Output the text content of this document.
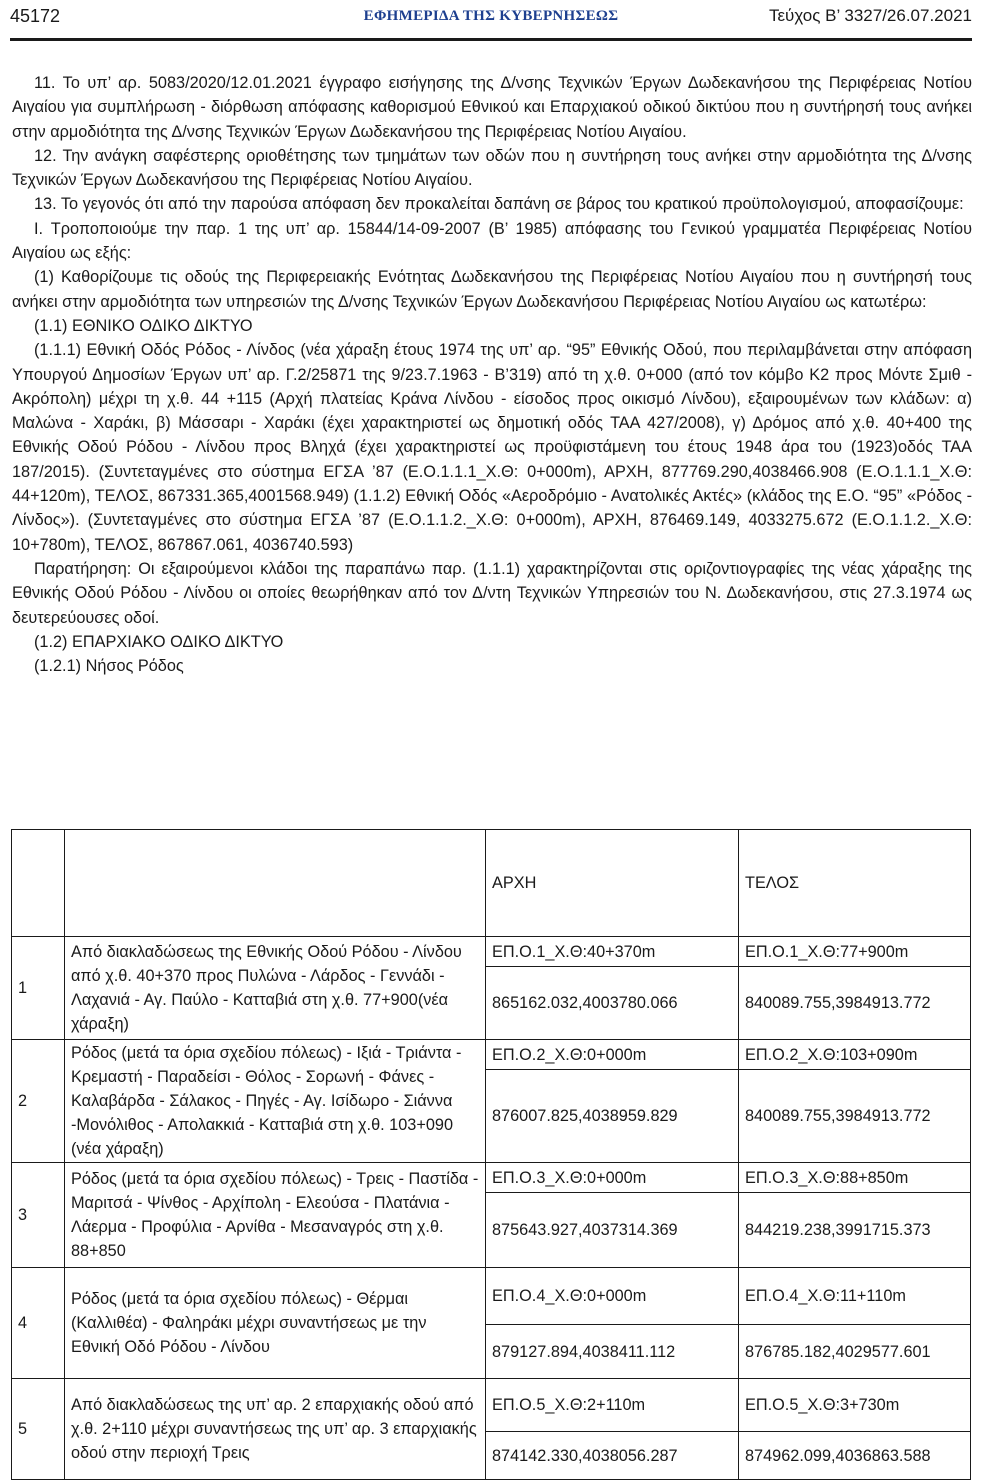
45172	ΕΦΗΜΕΡΙΔΑ ΤΗΣ ΚΥΒΕΡΝΗΣΕΩΣ	Τεύχος Β’ 3327/26.07.2021

11. Το υπ’ αρ. 5083/2020/12.01.2021 έγγραφο εισήγησης της Δ/νσης Τεχνικών Έργων Δωδεκανήσου της Περιφέρειας Νοτίου Αιγαίου για συμπλήρωση - διόρθωση απόφασης καθορισμού Εθνικού και Επαρχιακού οδικού δικτύου που η συντήρησή τους ανήκει στην αρμοδιότητα της Δ/νσης Τεχνικών Έργων Δωδεκανήσου της Περιφέρειας Νοτίου Αιγαίου.

12. Την ανάγκη σαφέστερης οριοθέτησης των τμημάτων των οδών που η συντήρηση τους ανήκει στην αρμοδιότητα της Δ/νσης Τεχνικών Έργων Δωδεκανήσου της Περιφέρειας Νοτίου Αιγαίου.

13. Το γεγονός ότι από την παρούσα απόφαση δεν προκαλείται δαπάνη σε βάρος του κρατικού προϋπολογισμού, αποφασίζουμε:

I. Τροποποιούμε την παρ. 1 της υπ’ αρ. 15844/14-09-2007 (Β’ 1985) απόφασης του Γενικού γραμματέα Περιφέρειας Νοτίου Αιγαίου ως εξής:

(1) Καθορίζουμε τις οδούς της Περιφερειακής Ενότητας Δωδεκανήσου της Περιφέρειας Νοτίου Αιγαίου που η συντήρησή τους ανήκει στην αρμοδιότητα των υπηρεσιών της Δ/νσης Τεχνικών Έργων Δωδεκανήσου Περιφέρειας Νοτίου Αιγαίου ως κατωτέρω:

(1.1) ΕΘΝΙΚΟ ΟΔΙΚΟ ΔΙΚΤΥΟ

(1.1.1) Εθνική Οδός Ρόδος - Λίνδος (νέα χάραξη έτους 1974 της υπ’ αρ. “95” Εθνικής Οδού, που περιλαμβάνεται στην απόφαση Υπουργού Δημοσίων Έργων υπ’ αρ. Γ.2/25871 της 9/23.7.1963 - Β’319) από τη χ.θ. 0+000 (από τον κόμβο Κ2 προς Μόντε Σμιθ - Ακρόπολη) μέχρι τη χ.θ. 44 +115 (Αρχή πλατείας Κράνα Λίνδου - είσοδος προς οικισμό Λίνδου), εξαιρουμένων των κλάδων: α) Μαλώνα - Χαράκι, β) Μάσσαρι - Χαράκι (έχει χαρακτηριστεί ως δημοτική οδός ΤΑΑ 427/2008), γ) Δρόμος από χ.θ. 40+400 της Εθνικής Οδού Ρόδου - Λίνδου προς Βληχά (έχει χαρακτηριστεί ως προϋφιστάμενη του έτους 1948 άρα του (1923)οδός ΤΑΑ 187/2015). (Συντεταγμένες στο σύστημα ΕΓΣΑ ’87 (Ε.Ο.1.1.1_Χ.Θ: 0+000m), ΑΡΧΗ, 877769.290,4038466.908 (Ε.Ο.1.1.1_Χ.Θ: 44+120m), ΤΕΛΟΣ, 867331.365,4001568.949) (1.1.2) Εθνική Οδός «Αεροδρόμιο - Ανατολικές Ακτές» (κλάδος της Ε.Ο. “95” «Ρόδος - Λίνδος»). (Συντεταγμένες στο σύστημα ΕΓΣΑ ’87 (Ε.Ο.1.1.2._Χ.Θ: 0+000m), ΑΡΧΗ, 876469.149, 4033275.672 (Ε.Ο.1.1.2._Χ.Θ: 10+780m), ΤΕΛΟΣ, 867867.061, 4036740.593)

Παρατήρηση: Οι εξαιρούμενοι κλάδοι της παραπάνω παρ. (1.1.1) χαρακτηρίζονται στις οριζοντιογραφίες της νέας χάραξης της Εθνικής Οδού Ρόδου - Λίνδου οι οποίες θεωρήθηκαν από τον Δ/ντη Τεχνικών Υπηρεσιών του Ν. Δωδεκανήσου, στις 27.3.1974 ως δευτερεύουσες οδοί.

(1.2) ΕΠΑΡΧΙΑΚΟ ΟΔΙΚΟ ΔΙΚΤΥΟ

(1.2.1) Νήσος Ρόδος

		ΑΡΧΗ	ΤΕΛΟΣ
1	Από διακλαδώσεως της Εθνικής Οδού Ρόδου - Λίνδου από χ.θ. 40+370 προς Πυλώνα - Λάρδος - Γεννάδι - Λαχανιά - Αγ. Παύλο - Κατταβιά στη χ.θ. 77+900(νέα χάραξη)	ΕΠ.Ο.1_Χ.Θ:40+370m	ΕΠ.Ο.1_Χ.Θ:77+900m
		865162.032,4003780.066	840089.755,3984913.772
2	Ρόδος (μετά τα όρια σχεδίου πόλεως) - Ιξιά - Τριάντα - Κρεμαστή - Παραδείσι - Θόλος - Σορωνή - Φάνες - Καλαβάρδα - Σάλακος - Πηγές - Αγ. Ισίδωρο - Σιάννα -Μονόλιθος - Απολακκιά - Κατταβιά στη χ.θ. 103+090 (νέα χάραξη)	ΕΠ.Ο.2_Χ.Θ:0+000m	ΕΠ.Ο.2_Χ.Θ:103+090m
		876007.825,4038959.829	840089.755,3984913.772
3	Ρόδος (μετά τα όρια σχεδίου πόλεως) - Τρεις - Παστίδα - Μαριτσά - Ψίνθος - Αρχίπολη - Ελεούσα - Πλατάνια - Λάερμα - Προφύλια - Αρνίθα - Μεσαναγρός στη χ.θ. 88+850	ΕΠ.Ο.3_Χ.Θ:0+000m	ΕΠ.Ο.3_Χ.Θ:88+850m
		875643.927,4037314.369	844219.238,3991715.373
4	Ρόδος (μετά τα όρια σχεδίου πόλεως) - Θέρμαι (Καλλιθέα) - Φαληράκι μέχρι συναντήσεως με την Εθνική Οδό Ρόδου - Λίνδου	ΕΠ.Ο.4_Χ.Θ:0+000m	ΕΠ.Ο.4_Χ.Θ:11+110m
		879127.894,4038411.112	876785.182,4029577.601
5	Από διακλαδώσεως της υπ’ αρ. 2 επαρχιακής οδού από χ.θ. 2+110 μέχρι συναντήσεως της υπ’ αρ. 3 επαρχιακής οδού στην περιοχή Τρεις	ΕΠ.Ο.5_Χ.Θ:2+110m	ΕΠ.Ο.5_Χ.Θ:3+730m
		874142.330,4038056.287	874962.099,4036863.588
